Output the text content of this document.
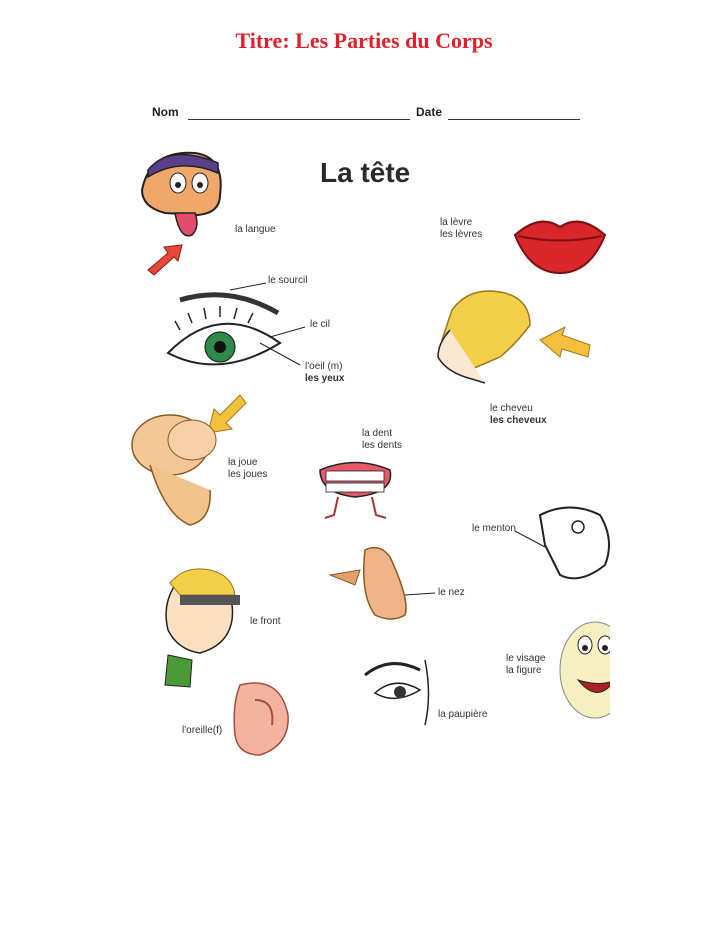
Titre: Les Parties du Corps
Nom	Date
La tête
la langue
la lèvre
les lèvres
le sourcil
le cil
l'oeil (m)
les yeux
le cheveu
les cheveux
la dent
les dents
la joue
les joues
le menton
le nez
le front
le visage
la figure
la paupière
l'oreille(f)
